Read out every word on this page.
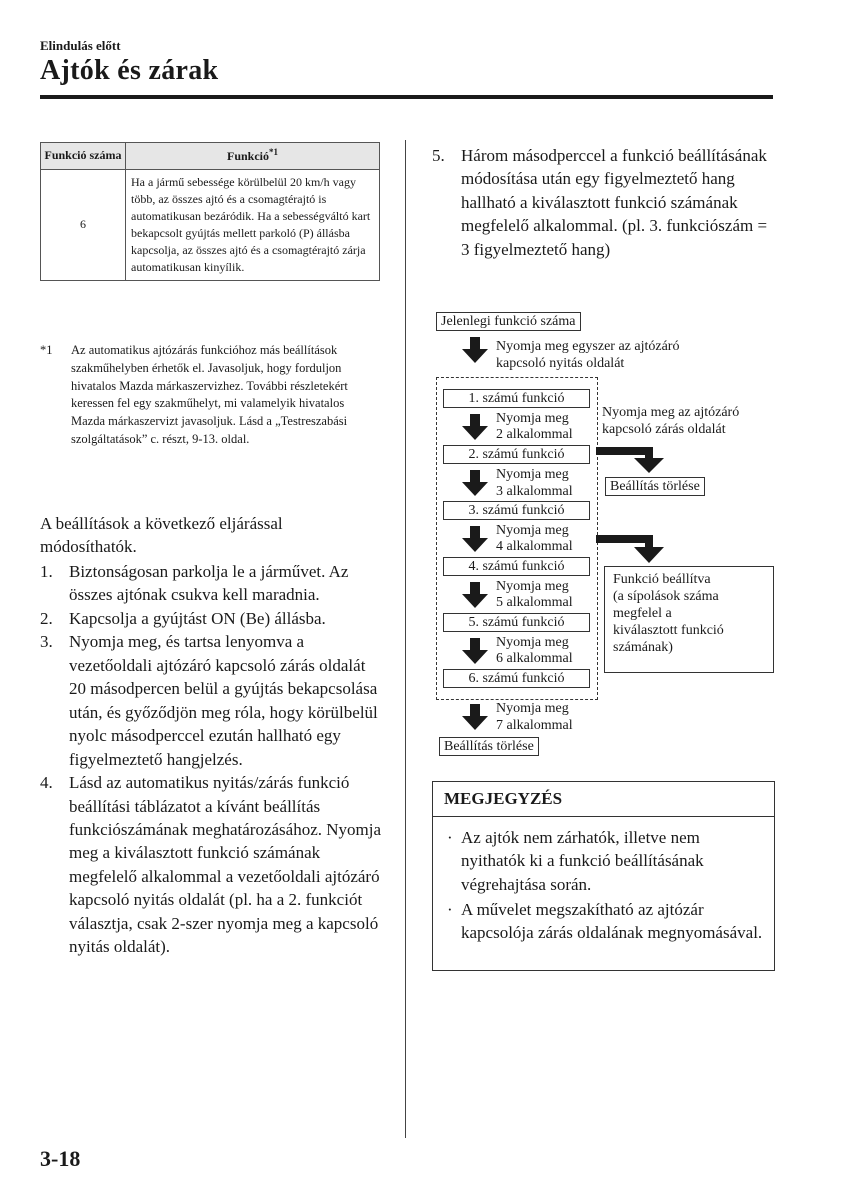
Elindulás előtt
Ajtók és zárak
Funkció száma	Funkció$^{*1}$
6	Ha a jármű sebessége körülbelül 20 km/h vagy több, az összes ajtó és a csomagtérajtó is automatikusan bezáródik. Ha a sebességváltó kart bekapcsolt gyújtás mellett parkoló (P) állásba kapcsolja, az összes ajtó és a csomagtérajtó zárja automatikusan kinyílik.
*1 Az automatikus ajtózárás funkcióhoz más beállítások szakműhelyben érhetők el. Javasoljuk, hogy forduljon hivatalos Mazda márkaszervizhez. További részletekért keressen fel egy szakműhelyt, mi valamelyik hivatalos Mazda márkaszervizt javasoljuk. Lásd a „Testreszabási szolgáltatások” c. részt, 9-13. oldal.
A beállítások a következő eljárással módosíthatók.
1. Biztonságosan parkolja le a járművet. Az összes ajtónak csukva kell maradnia.
2. Kapcsolja a gyújtást ON (Be) állásba.
3. Nyomja meg, és tartsa lenyomva a vezetőoldali ajtózáró kapcsoló zárás oldalát 20 másodpercen belül a gyújtás bekapcsolása után, és győződjön meg róla, hogy körülbelül nyolc másodperccel ezután hallható egy figyelmeztető hangjelzés.
4. Lásd az automatikus nyitás/zárás funkció beállítási táblázatot a kívánt beállítás funkciószámának meghatározásához. Nyomja meg a kiválasztott funkció számának megfelelő alkalommal a vezetőoldali ajtózáró kapcsoló nyitás oldalát (pl. ha a 2. funkciót választja, csak 2-szer nyomja meg a kapcsoló nyitás oldalát).
5. Három másodperccel a funkció beállításának módosítása után egy figyelmeztető hang hallható a kiválasztott funkció számának megfelelő alkalommal. (pl. 3. funkciószám = 3 figyelmeztető hang)
Jelenlegi funkció száma
Nyomja meg egyszer az ajtózáró
kapcsoló nyitás oldalát
1. számú funkció
Nyomja meg
2 alkalommal
2. számú funkció
Nyomja meg
3 alkalommal
3. számú funkció
Nyomja meg
4 alkalommal
4. számú funkció
Nyomja meg
5 alkalommal
5. számú funkció
Nyomja meg
6 alkalommal
6. számú funkció
Nyomja meg
7 alkalommal
Beállítás törlése
Nyomja meg az ajtózáró
kapcsoló zárás oldalát
Beállítás törlése
Funkció beállítva
(a sípolások száma
megfelel a
kiválasztott funkció
számának)
MEGJEGYZÉS
· Az ajtók nem zárhatók, illetve nem nyithatók ki a funkció beállításának végrehajtása során.
· A művelet megszakítható az ajtózár kapcsolója zárás oldalának megnyomásával.
3-18
